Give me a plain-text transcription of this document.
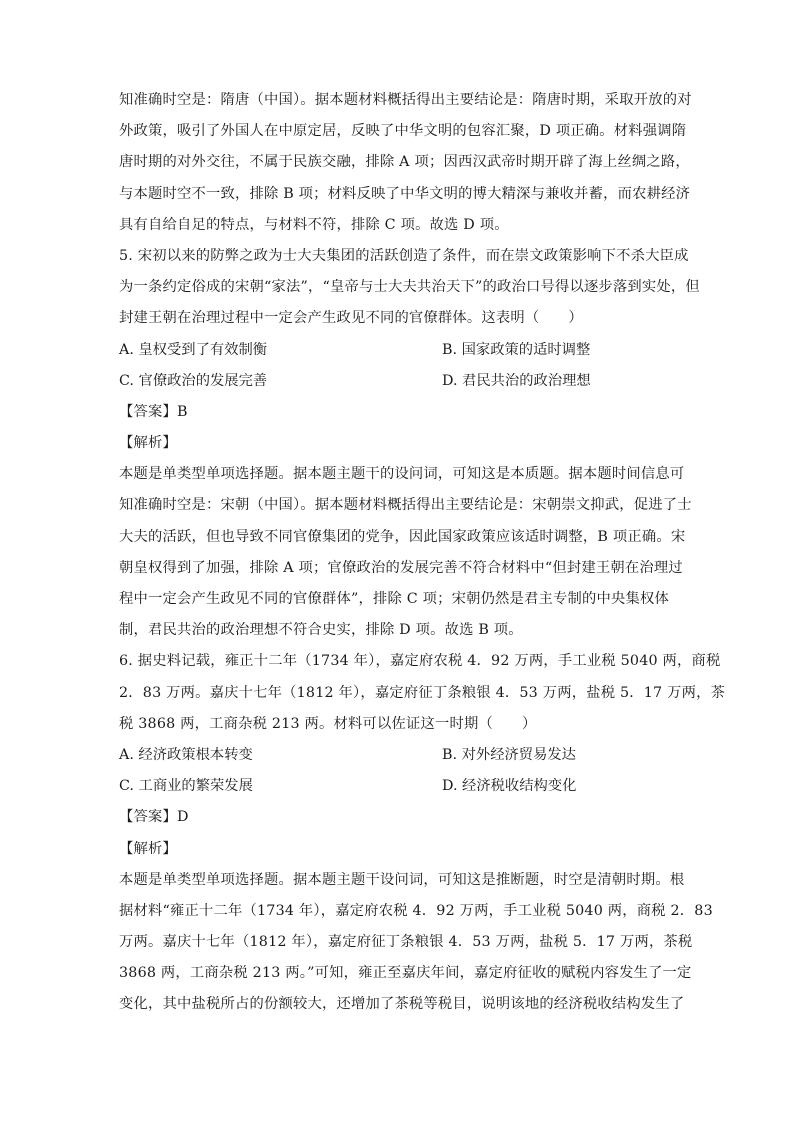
知准确时空是：隋唐（中国）。据本题材料概括得出主要结论是：隋唐时期，采取开放的对
外政策，吸引了外国人在中原定居，反映了中华文明的包容汇聚，D 项正确。材料强调隋
唐时期的对外交往，不属于民族交融，排除 A 项；因西汉武帝时期开辟了海上丝绸之路，
与本题时空不一致，排除 B 项；材料反映了中华文明的博大精深与兼收并蓄，而农耕经济
具有自给自足的特点，与材料不符，排除 C 项。故选 D 项。
5. 宋初以来的防弊之政为士大夫集团的活跃创造了条件，而在崇文政策影响下不杀大臣成
为一条约定俗成的宋朝“家法”，“皇帝与士大夫共治天下”的政治口号得以逐步落到实处，但
封建王朝在治理过程中一定会产生政见不同的官僚群体。这表明（　　）
A. 皇权受到了有效制衡	B. 国家政策的适时调整
C. 官僚政治的发展完善	D. 君民共治的政治理想
【答案】B
【解析】
本题是单类型单项选择题。据本题主题干的设问词，可知这是本质题。据本题时间信息可
知准确时空是：宋朝（中国）。据本题材料概括得出主要结论是：宋朝崇文抑武，促进了士
大夫的活跃，但也导致不同官僚集团的党争，因此国家政策应该适时调整，B 项正确。宋
朝皇权得到了加强，排除 A 项；官僚政治的发展完善不符合材料中“但封建王朝在治理过
程中一定会产生政见不同的官僚群体”，排除 C 项；宋朝仍然是君主专制的中央集权体
制，君民共治的政治理想不符合史实，排除 D 项。故选 B 项。
6. 据史料记载，雍正十二年（1734 年），嘉定府农税 4．92 万两，手工业税 5040 两，商税
2．83 万两。嘉庆十七年（1812 年），嘉定府征丁条粮银 4．53 万两，盐税 5．17 万两，茶
税 3868 两，工商杂税 213 两。材料可以佐证这一时期（　　）
A. 经济政策根本转变	B. 对外经济贸易发达
C. 工商业的繁荣发展	D. 经济税收结构变化
【答案】D
【解析】
本题是单类型单项选择题。据本题主题干设问词，可知这是推断题，时空是清朝时期。根
据材料“雍正十二年（1734 年），嘉定府农税 4．92 万两，手工业税 5040 两，商税 2．83
万两。嘉庆十七年（1812 年），嘉定府征丁条粮银 4．53 万两，盐税 5．17 万两，茶税
3868 两，工商杂税 213 两。”可知，雍正至嘉庆年间，嘉定府征收的赋税内容发生了一定
变化，其中盐税所占的份额较大，还增加了茶税等税目，说明该地的经济税收结构发生了
